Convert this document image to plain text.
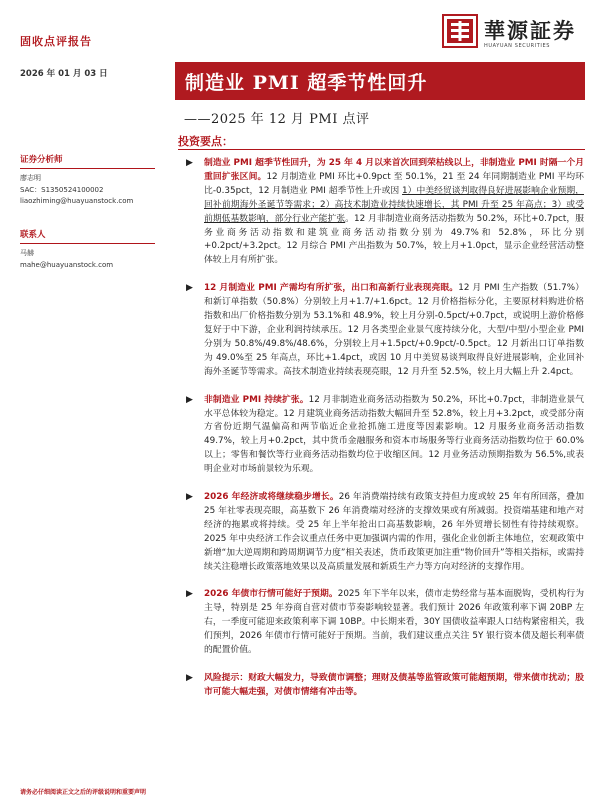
固收点评报告
2026 年 01 月 03 日
華源証券
HUAYUAN SECURITIES
制造业 PMI 超季节性回升
——2025 年 12 月 PMI 点评
投资要点：
证券分析师
廖志明
SAC：S1350524100002
liaozhiming@huayuanstock.com
联系人
马赫
mahe@huayuanstock.com
▶ 制造业 PMI 超季节性回升，为 25 年 4 月以来首次回到荣枯线以上，非制造业 PMI 时隔一个月重回扩张区间。12 月制造业 PMI 环比+0.9pct 至 50.1%，21 至 24 年同期制造业 PMI 平均环比-0.35pct，12 月制造业 PMI 超季节性上升或因 1）中美经贸谈判取得良好进展影响企业预期，回补前期海外圣诞节等需求；2）高技术制造业持续快速增长，其 PMI 升至 25 年高点；3）或受前期低基数影响，部分行业产能扩张。12 月非制造业商务活动指数为 50.2%，环比+0.7pct，服务业商务活动指数和建筑业商务活动指数分别为 49.7%和 52.8%，环比分别+0.2pct/+3.2pct。12 月综合 PMI 产出指数为 50.7%，较上月+1.0pct，显示企业经营活动整体较上月有所扩张。
▶ 12 月制造业 PMI 产需均有所扩张，出口和高新行业表现亮眼。12 月 PMI 生产指数（51.7%）和新订单指数（50.8%）分别较上月+1.7/+1.6pct。12 月价格指标分化，主要原材料购进价格指数和出厂价格指数分别为 53.1%和 48.9%，较上月分别-0.5pct/+0.7pct，或说明上游价格修复好于中下游，企业利润持续承压。12 月各类型企业景气度持续分化，大型/中型/小型企业 PMI 分别为 50.8%/49.8%/48.6%，分别较上月+1.5pct/+0.9pct/-0.5pct。12 月新出口订单指数为 49.0%至 25 年高点，环比+1.4pct，或因 10 月中美贸易谈判取得良好进展影响，企业回补海外圣诞节等需求。高技术制造业持续表现亮眼，12 月升至 52.5%，较上月大幅上升 2.4pct。
▶ 非制造业 PMI 持续扩张。12 月非制造业商务活动指数为 50.2%，环比+0.7pct，非制造业景气水平总体较为稳定。12 月建筑业商务活动指数大幅回升至 52.8%，较上月+3.2pct，或受部分南方省份近期气温偏高和两节临近企业抢抓施工进度等因素影响。12 月服务业商务活动指数 49.7%，较上月+0.2pct，其中货币金融服务和资本市场服务等行业商务活动指数均位于 60.0%以上；零售和餐饮等行业商务活动指数均位于收缩区间。12 月业务活动预期指数为 56.5%,或表明企业对市场前景较为乐观。
▶ 2026 年经济或将继续稳步增长。26 年消费端持续有政策支持但力度或较 25 年有所回落，叠加 25 年社零表现亮眼，高基数下 26 年消费端对经济的支撑效果或有所减弱。投资端基建和地产对经济的拖累或将持续。受 25 年上半年抢出口高基数影响，26 年外贸增长韧性有待持续观察。2025 年中央经济工作会议重点任务中更加强调内需的作用，强化企业创新主体地位，宏观政策中新增“加大逆周期和跨周期调节力度”相关表述，货币政策更加注重“物价回升”等相关指标，或需持续关注稳增长政策落地效果以及高质量发展和新质生产力等方向对经济的支撑作用。
▶ 2026 年债市行情可能好于预期。2025 年下半年以来，债市走势经常与基本面脱钩，受机构行为主导，特别是 25 年券商自营对债市节奏影响较显著。我们预计 2026 年政策利率下调 20BP 左右，一季度可能迎来政策利率下调 10BP。中长期来看，30Y 国债收益率跟人口结构紧密相关，我们预判，2026 年债市行情可能好于预期。当前，我们建议重点关注 5Y 银行资本债及超长利率债的配置价值。
▶ 风险提示：财政大幅发力，导致债市调整；理财及债基等监管政策可能超预期，带来债市扰动；股市可能大幅走强，对债市情绪有冲击等。
请务必仔细阅读正文之后的评级说明和重要声明
